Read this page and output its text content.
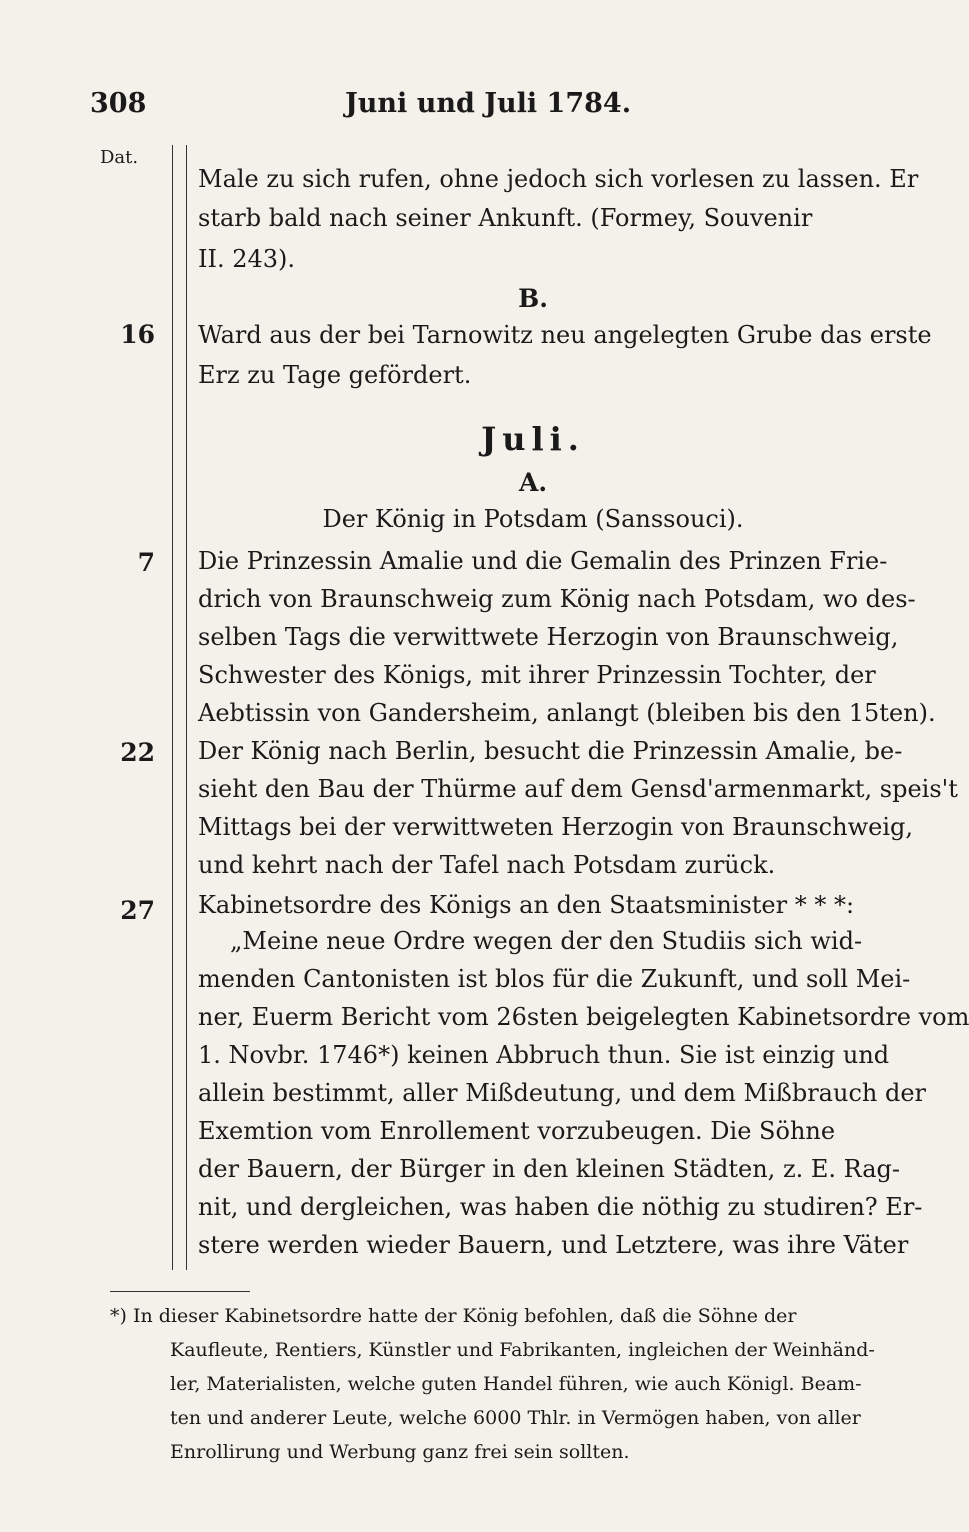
308	Juni und Juli 1784.
Dat.
Male zu sich rufen, ohne jedoch sich vorlesen zu lassen. Er
starb bald nach seiner Ankunft. (Formey, Souvenir
II. 243).
B.
16 Ward aus der bei Tarnowitz neu angelegten Grube das erste
Erz zu Tage gefördert.
Juli.
A.
Der König in Potsdam (Sanssouci).
7 Die Prinzessin Amalie und die Gemalin des Prinzen Frie-
drich von Braunschweig zum König nach Potsdam, wo des-
selben Tags die verwittwete Herzogin von Braunschweig,
Schwester des Königs, mit ihrer Prinzessin Tochter, der
Aebtissin von Gandersheim, anlangt (bleiben bis den 15ten).
22 Der König nach Berlin, besucht die Prinzessin Amalie, be-
sieht den Bau der Thürme auf dem Gensd'armenmarkt, speis't
Mittags bei der verwittweten Herzogin von Braunschweig,
und kehrt nach der Tafel nach Potsdam zurück.
27 Kabinetsordre des Königs an den Staatsminister * * *:
„Meine neue Ordre wegen der den Studiis sich wid-
menden Cantonisten ist blos für die Zukunft, und soll Mei-
ner, Euerm Bericht vom 26sten beigelegten Kabinetsordre vom
1. Novbr. 1746*) keinen Abbruch thun. Sie ist einzig und
allein bestimmt, aller Mißdeutung, und dem Mißbrauch der
Exemtion vom Enrollement vorzubeugen. Die Söhne
der Bauern, der Bürger in den kleinen Städten, z. E. Rag-
nit, und dergleichen, was haben die nöthig zu studiren? Er-
stere werden wieder Bauern, und Letztere, was ihre Väter
*) In dieser Kabinetsordre hatte der König befohlen, daß die Söhne der
Kaufleute, Rentiers, Künstler und Fabrikanten, ingleichen der Weinhänd-
ler, Materialisten, welche guten Handel führen, wie auch Königl. Beam-
ten und anderer Leute, welche 6000 Thlr. in Vermögen haben, von aller
Enrollirung und Werbung ganz frei sein sollten.
